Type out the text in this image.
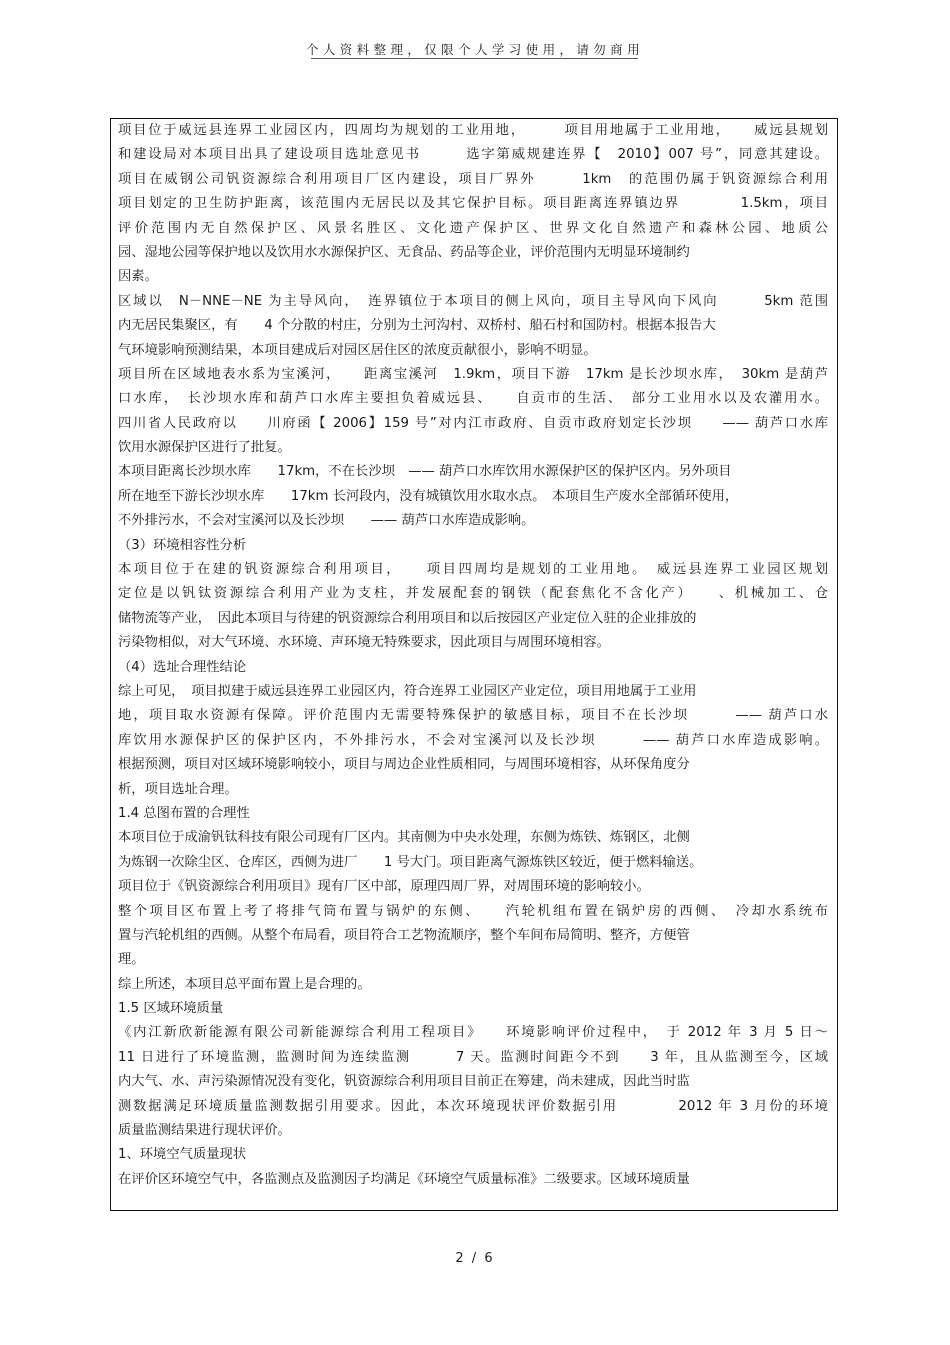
个人资料整理，仅限个人学习使用，请勿商用
项目位于威远县连界工业园区内，四周均为规划的工业用地，　　　项目用地属于工业用地，　　威远县规划
和建设局对本项目出具了建设项目选址意见书　　　选字第威规建连界【　2010】007 号”，同意其建设。
项目在威钢公司钒资源综合利用项目厂区内建设，项目厂界外　　　1km　的范围仍属于钒资源综合利用
项目划定的卫生防护距离，该范围内无居民以及其它保护目标。项目距离连界镇边界　　　　1.5km，项目
评价范围内无自然保护区、风景名胜区、文化遗产保护区、世界文化自然遗产和森林公园、地质公
园、湿地公园等保护地以及饮用水水源保护区、无食品、药品等企业，评价范围内无明显环境制约
因素。
区域以　N－NNE－NE 为主导风向，　连界镇位于本项目的侧上风向，项目主导风向下风向　　　5km 范围
内无居民集聚区，有　　4 个分散的村庄，分别为土河沟村、双桥村、船石村和国防村。根据本报告大
气环境影响预测结果，本项目建成后对园区居住区的浓度贡献很小，影响不明显。
项目所在区域地表水系为宝溪河，　　距离宝溪河　1.9km，项目下游　17km 是长沙坝水库，　30km 是葫芦
口水库，　长沙坝水库和葫芦口水库主要担负着威远县、　　自贡市的生活、　部分工业用水以及农灌用水。
四川省人民政府以　　川府函【 2006】159 号”对内江市政府、自贡市政府划定长沙坝　　—— 葫芦口水库
饮用水源保护区进行了批复。
本项目距离长沙坝水库　　17km，不在长沙坝　—— 葫芦口水库饮用水源保护区的保护区内。另外项目
所在地至下游长沙坝水库　　17km 长河段内，没有城镇饮用水取水点。　本项目生产废水全部循环使用，
不外排污水，不会对宝溪河以及长沙坝　　—— 葫芦口水库造成影响。
（3）环境相容性分析
本项目位于在建的钒资源综合利用项目，　　项目四周均是规划的工业用地。　威远县连界工业园区规划
定位是以钒钛资源综合利用产业为支柱，并发展配套的钢铁（配套焦化不含化产）　　、机械加工、仓
储物流等产业，　因此本项目与待建的钒资源综合利用项目和以后按园区产业定位入驻的企业排放的
污染物相似，对大气环境、水环境、声环境无特殊要求，因此项目与周围环境相容。
（4）选址合理性结论
综上可见，　项目拟建于威远县连界工业园区内，符合连界工业园区产业定位，项目用地属于工业用
地，项目取水资源有保障。评价范围内无需要特殊保护的敏感目标，项目不在长沙坝　　　—— 葫芦口水
库饮用水源保护区的保护区内，不外排污水，不会对宝溪河以及长沙坝　　　—— 葫芦口水库造成影响。
根据预测，项目对区域环境影响较小，项目与周边企业性质相同，与周围环境相容，从环保角度分
析，项目选址合理。
1.4 总图布置的合理性
本项目位于成渝钒钛科技有限公司现有厂区内。其南侧为中央水处理，东侧为炼铁、炼钢区，北侧
为炼钢一次除尘区、仓库区，西侧为进厂　　1 号大门。项目距离气源炼铁区较近，便于燃料输送。
项目位于《钒资源综合利用项目》现有厂区中部，原理四周厂界，对周围环境的影响较小。
整个项目区布置上考了将排气筒布置与锅炉的东侧、　　汽轮机组布置在锅炉房的西侧、　冷却水系统布
置与汽轮机组的西侧。从整个布局看，项目符合工艺物流顺序，整个车间布局简明、整齐，方便管
理。
综上所述，本项目总平面布置上是合理的。
1.5 区域环境质量
《内江新欣新能源有限公司新能源综合利用工程项目》　　环境影响评价过程中，　于 2012 年 3 月 5 日～
11 日进行了环境监测，监测时间为连续监测　　　7 天。监测时间距今不到　　3 年，且从监测至今，区域
内大气、水、声污染源情况没有变化，钒资源综合利用项目目前正在筹建，尚未建成，因此当时监
测数据满足环境质量监测数据引用要求。因此，本次环境现状评价数据引用　　　　2012 年 3 月份的环境
质量监测结果进行现状评价。
1、环境空气质量现状
在评价区环境空气中，各监测点及监测因子均满足《环境空气质量标准》二级要求。区域环境质量
2 / 6
